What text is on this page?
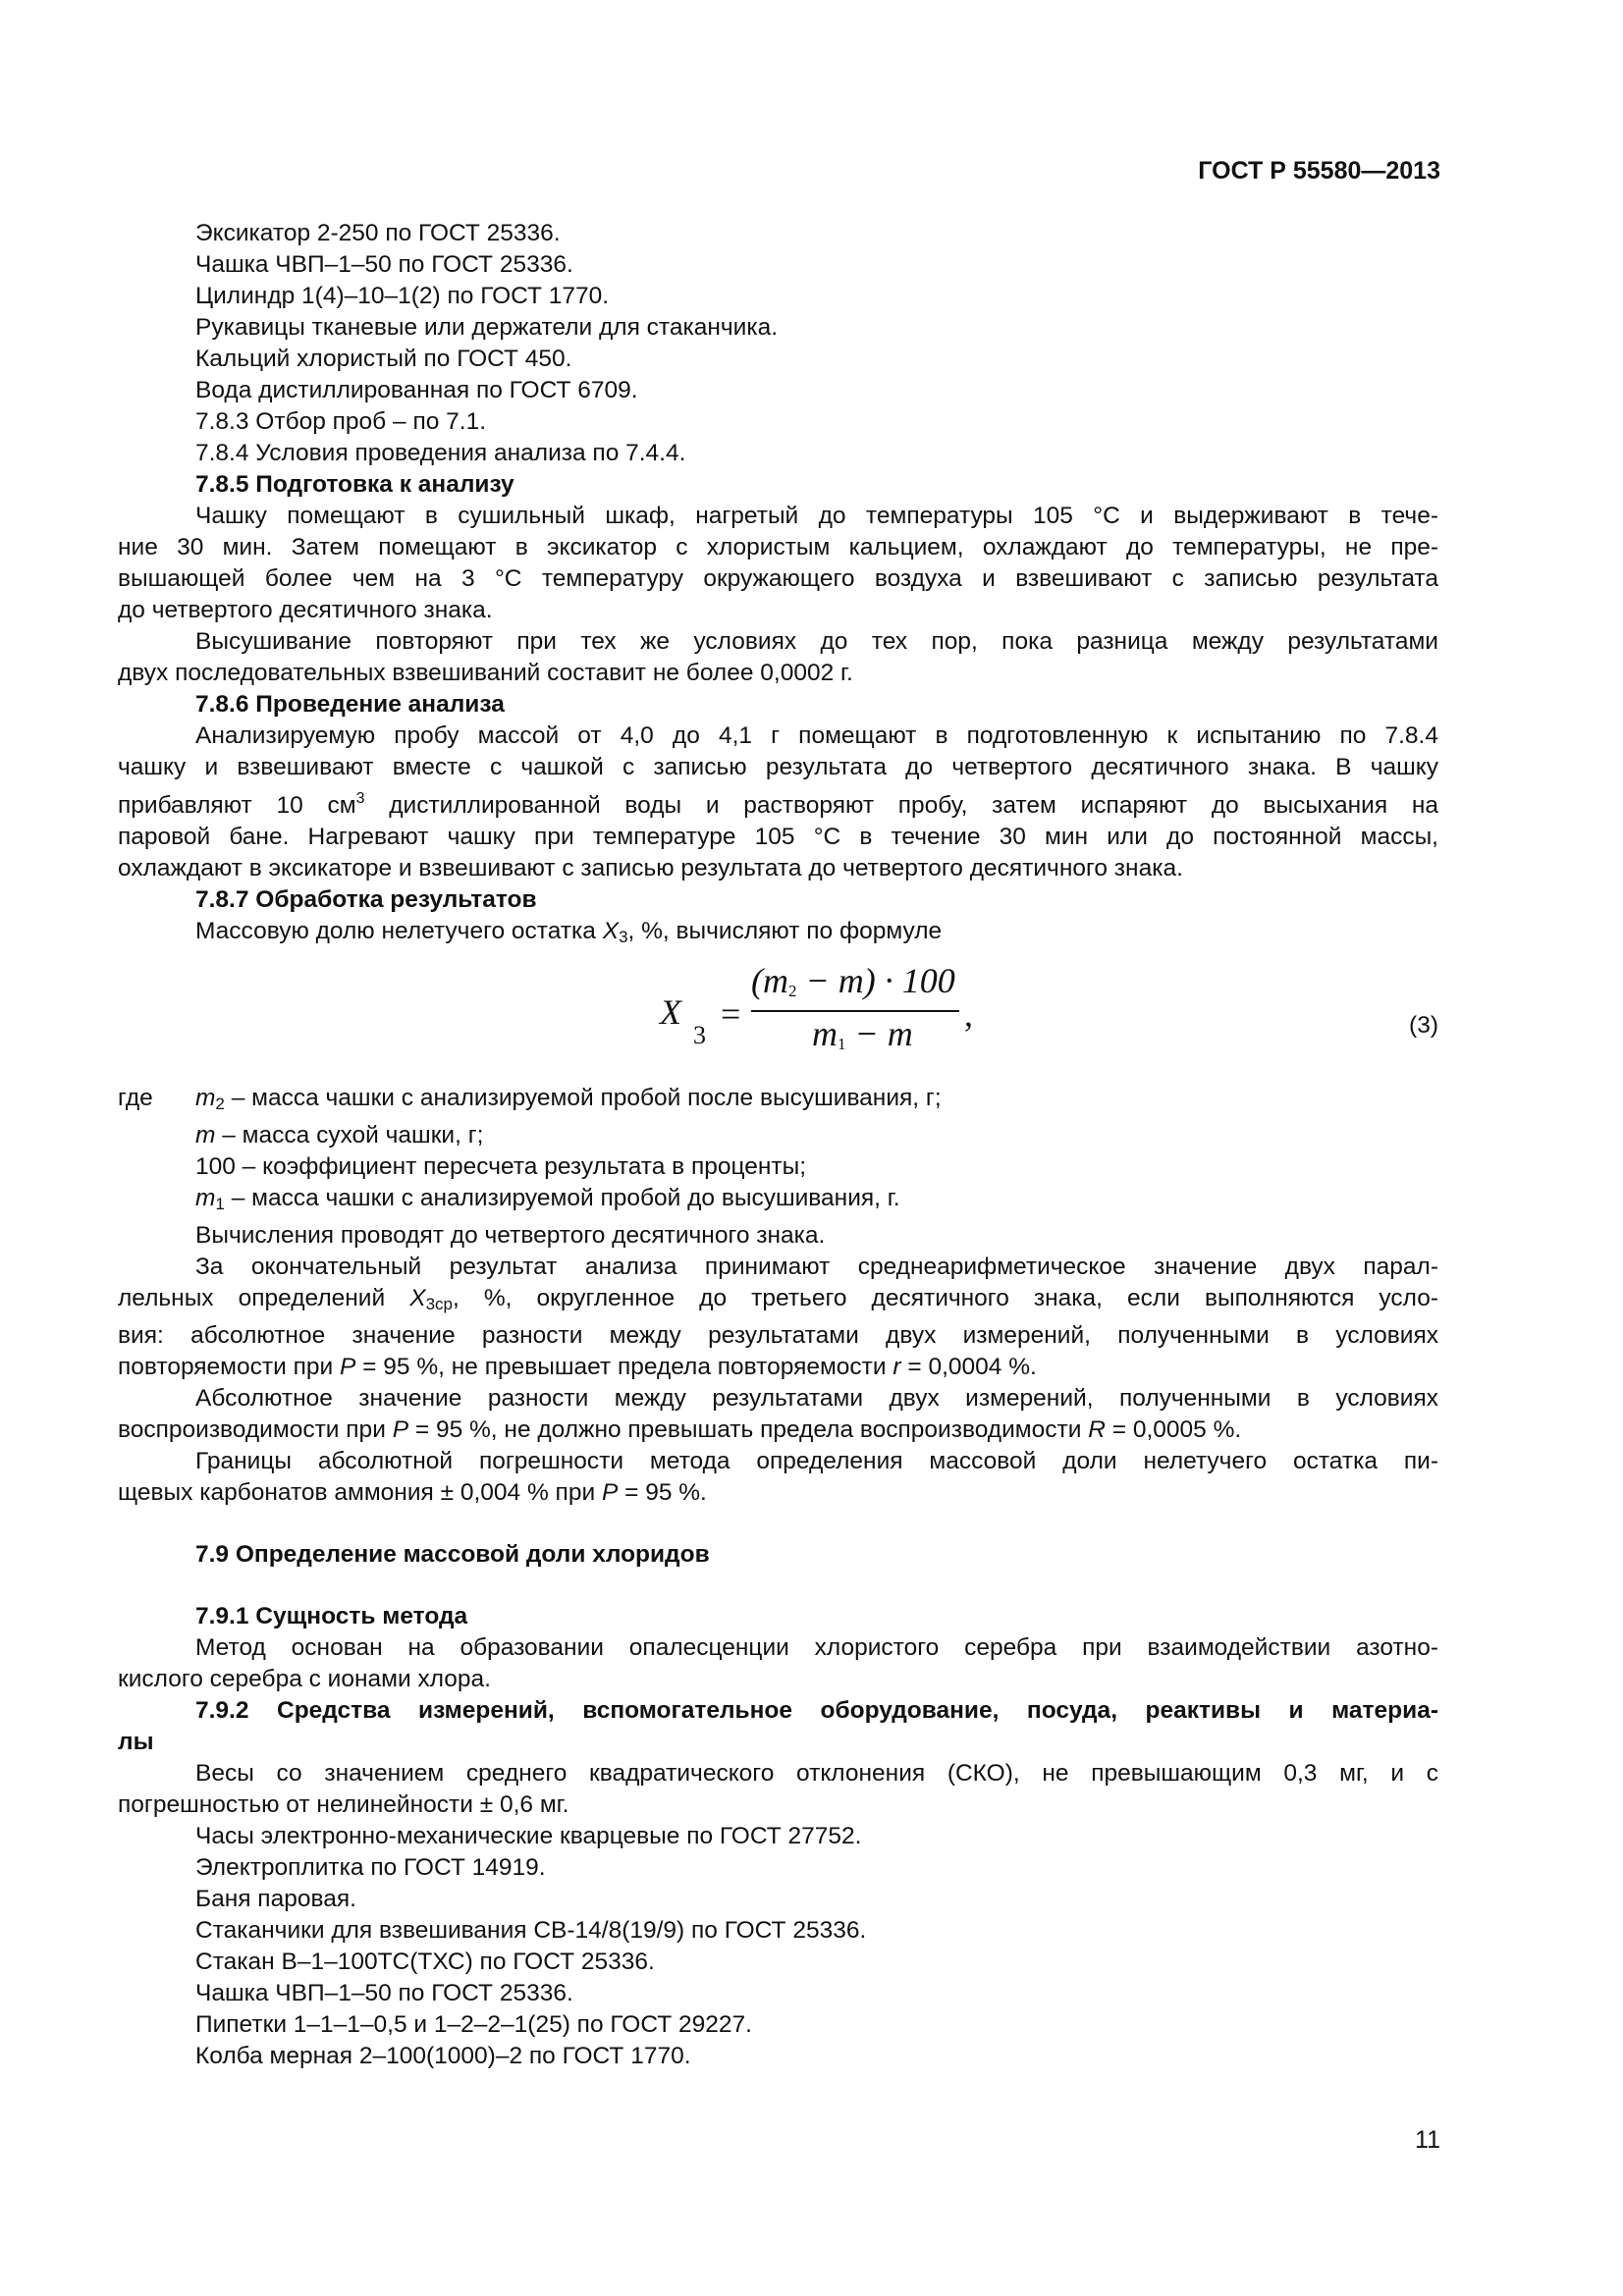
ГОСТ Р 55580—2013
Эксикатор 2-250 по ГОСТ 25336.
Чашка ЧВП–1–50 по ГОСТ 25336.
Цилиндр 1(4)–10–1(2) по ГОСТ 1770.
Рукавицы тканевые или держатели для стаканчика.
Кальций хлористый по ГОСТ 450.
Вода дистиллированная по ГОСТ 6709.
7.8.3 Отбор проб – по 7.1.
7.8.4 Условия проведения анализа по 7.4.4.
7.8.5 Подготовка к анализу
Чашку помещают в сушильный шкаф, нагретый до температуры 105 °С и выдерживают в тече-
ние 30 мин. Затем помещают в эксикатор с хлористым кальцием, охлаждают до температуры, не пре-
вышающей более чем на 3 °С температуру окружающего воздуха и взвешивают с записью результата
до четвертого десятичного знака.
Высушивание повторяют при тех же условиях до тех пор, пока разница между результатами
двух последовательных взвешиваний составит не более 0,0002 г.
7.8.6 Проведение анализа
Анализируемую пробу массой от 4,0 до 4,1 г помещают в подготовленную к испытанию по 7.8.4
чашку и взвешивают вместе с чашкой с записью результата до четвертого десятичного знака. В чашку
прибавляют 10 $см^3$ дистиллированной воды и растворяют пробу, затем испаряют до высыхания на
паровой бане. Нагревают чашку при температуре 105 °С в течение 30 мин или до постоянной массы,
охлаждают в эксикаторе и взвешивают с записью результата до четвертого десятичного знака.
7.8.7 Обработка результатов
Массовую долю нелетучего остатка X3, %, вычисляют по формуле
X
3
=
(m2 − m) · 100
m1 − m ,	(3)
где	m2 – масса чашки с анализируемой пробой после высушивания, г;
m – масса сухой чашки, г;
100 – коэффициент пересчета результата в проценты;
m1 – масса чашки с анализируемой пробой до высушивания, г.
Вычисления проводят до четвертого десятичного знака.
За окончательный результат анализа принимают среднеарифметическое значение двух парал-
лельных определений X3ср, %, округленное до третьего десятичного знака, если выполняются усло-
вия: абсолютное значение разности между результатами двух измерений, полученными в условиях
повторяемости при P = 95 %, не превышает предела повторяемости r = 0,0004 %.
Абсолютное значение разности между результатами двух измерений, полученными в условиях
воспроизводимости при P = 95 %, не должно превышать предела воспроизводимости R = 0,0005 %.
Границы абсолютной погрешности метода определения массовой доли нелетучего остатка пи-
щевых карбонатов аммония ± 0,004 % при P = 95 %.
7.9 Определение массовой доли хлоридов
7.9.1 Сущность метода
Метод основан на образовании опалесценции хлористого серебра при взаимодействии азотно-
кислого серебра с ионами хлора.
7.9.2 Средства измерений, вспомогательное оборудование, посуда, реактивы и материа-
лы
Весы со значением среднего квадратического отклонения (СКО), не превышающим 0,3 мг, и с
погрешностью от нелинейности ± 0,6 мг.
Часы электронно-механические кварцевые по ГОСТ 27752.
Электроплитка по ГОСТ 14919.
Баня паровая.
Стаканчики для взвешивания СВ-14/8(19/9) по ГОСТ 25336.
Стакан В–1–100ТС(ТХС) по ГОСТ 25336.
Чашка ЧВП–1–50 по ГОСТ 25336.
Пипетки 1–1–1–0,5 и 1–2–2–1(25) по ГОСТ 29227.
Колба мерная 2–100(1000)–2 по ГОСТ 1770.
11
